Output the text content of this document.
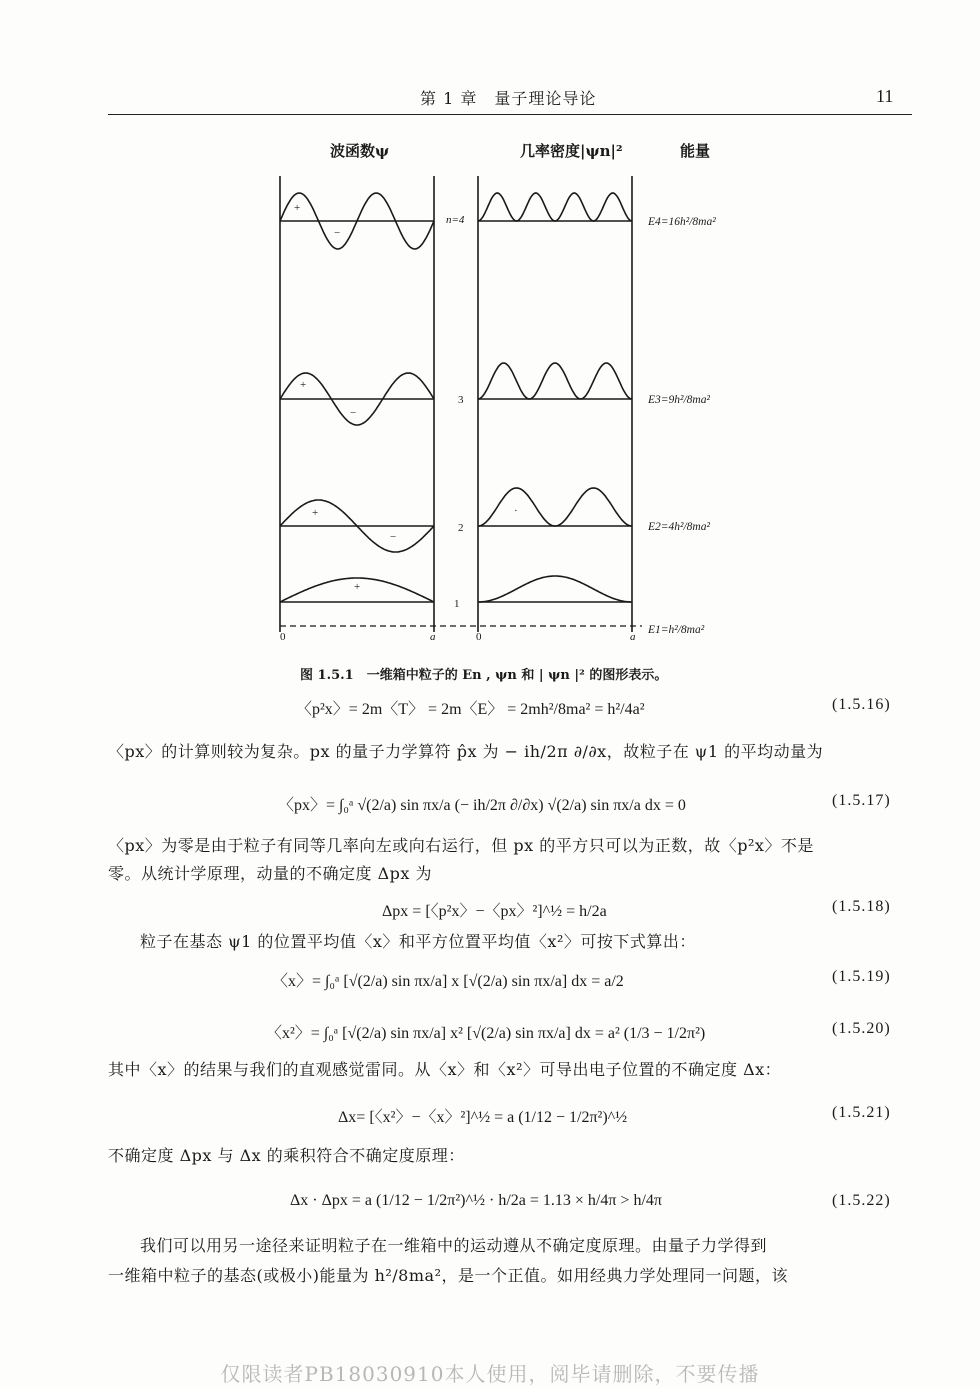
第 1 章　量子理论导论	11
波函数ψ	几率密度|ψn|²	能量
+
−
+
−
+
−
+
·
n=4
3
2
1
E4=16h²/8ma²
E3=9h²/8ma²
E2=4h²/8ma²
E1=h²/8ma²
0	a	0	a
图 1.5.1　一维箱中粒子的 En , ψn 和 | ψn |² 的图形表示。
〈p²x〉= 2m〈T〉 = 2m〈E〉 = 2mh²/8ma² = h²/4a²	(1.5.16)
〈px〉的计算则较为复杂。px 的量子力学算符 p̂x 为 − ih/2π ∂/∂x，故粒子在 ψ1 的平均动量为
〈px〉= ∫₀ᵃ √(2/a) sin πx/a (− ih/2π ∂/∂x) √(2/a) sin πx/a dx = 0	(1.5.17)
〈px〉为零是由于粒子有同等几率向左或向右运行，但 px 的平方只可以为正数，故〈p²x〉不是
零。从统计学原理，动量的不确定度 Δpx 为
Δpx = [〈p²x〉−〈px〉²]^½ = h/2a	(1.5.18)
粒子在基态 ψ1 的位置平均值〈x〉和平方位置平均值〈x²〉可按下式算出：
〈x〉= ∫₀ᵃ [√(2/a) sin πx/a] x [√(2/a) sin πx/a] dx = a/2	(1.5.19)
〈x²〉= ∫₀ᵃ [√(2/a) sin πx/a] x² [√(2/a) sin πx/a] dx = a² (1/3 − 1/2π²)	(1.5.20)
其中〈x〉的结果与我们的直观感觉雷同。从〈x〉和〈x²〉可导出电子位置的不确定度 Δx：
Δx= [〈x²〉−〈x〉²]^½ = a (1/12 − 1/2π²)^½	(1.5.21)
不确定度 Δpx 与 Δx 的乘积符合不确定度原理：
Δx · Δpx = a (1/12 − 1/2π²)^½ · h/2a = 1.13 × h/4π > h/4π	(1.5.22)
我们可以用另一途径来证明粒子在一维箱中的运动遵从不确定度原理。由量子力学得到
一维箱中粒子的基态(或极小)能量为 h²/8ma²，是一个正值。如用经典力学处理同一问题，该
仅限读者PB18030910本人使用，阅毕请删除，不要传播
